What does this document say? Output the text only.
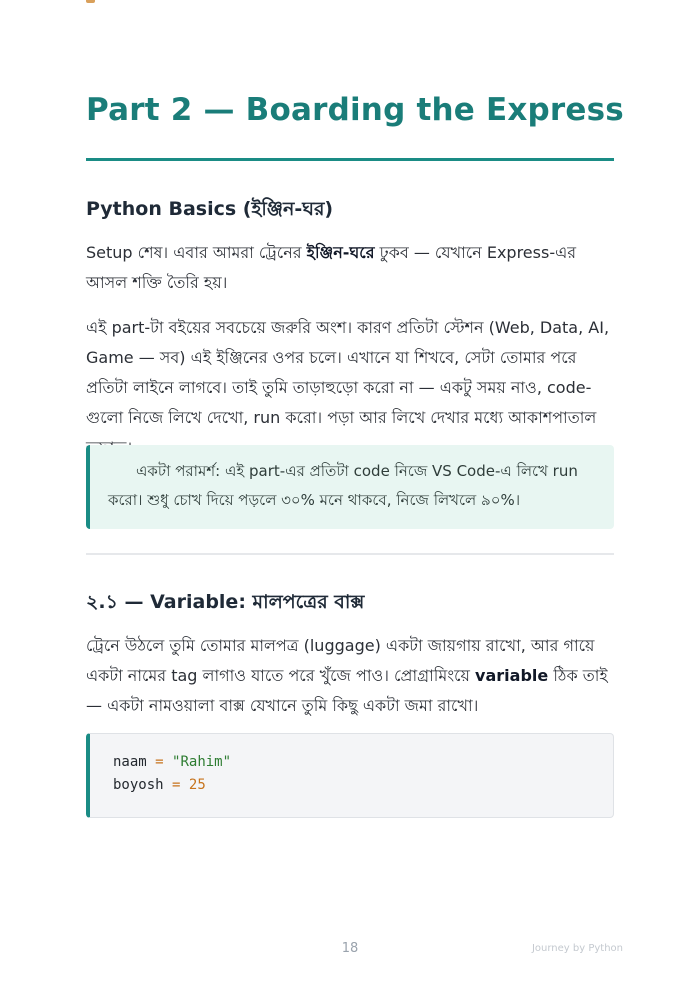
Part 2 — Boarding the Express
Python Basics (ইঞ্জিন-ঘর)

Setup শেষ। এবার আমরা ট্রেনের ইঞ্জিন-ঘরে ঢুকব — যেখানে Express-এর আসল শক্তি তৈরি হয়।

এই part-টা বইয়ের সবচেয়ে জরুরি অংশ। কারণ প্রতিটা স্টেশন (Web, Data, AI, Game — সব) এই ইঞ্জিনের ওপর চলে। এখানে যা শিখবে, সেটা তোমার পরে প্রতিটা লাইনে লাগবে। তাই তুমি তাড়াহুড়ো করো না — একটু সময় নাও, code-গুলো নিজে লিখে দেখো, run করো। পড়া আর লিখে দেখার মধ্যে আকাশপাতাল

একটা পরামর্শ: এই part-এর প্রতিটা code নিজে VS Code-এ লিখে run করো। শুধু চোখ দিয়ে পড়লে ৩০% মনে থাকবে, নিজে লিখলে ৯০%।

২.১ — Variable: মালপত্রের বাক্স

ট্রেনে উঠলে তুমি তোমার মালপত্র (luggage) একটা জায়গায় রাখো, আর গায়ে একটা নামের tag লাগাও যাতে পরে খুঁজে পাও। প্রোগ্রামিংয়ে variable ঠিক তাই — একটা নামওয়ালা বাক্স যেখানে তুমি কিছু একটা জমা রাখো।

naam = "Rahim"
boyosh = 25
18	Journey by Python
